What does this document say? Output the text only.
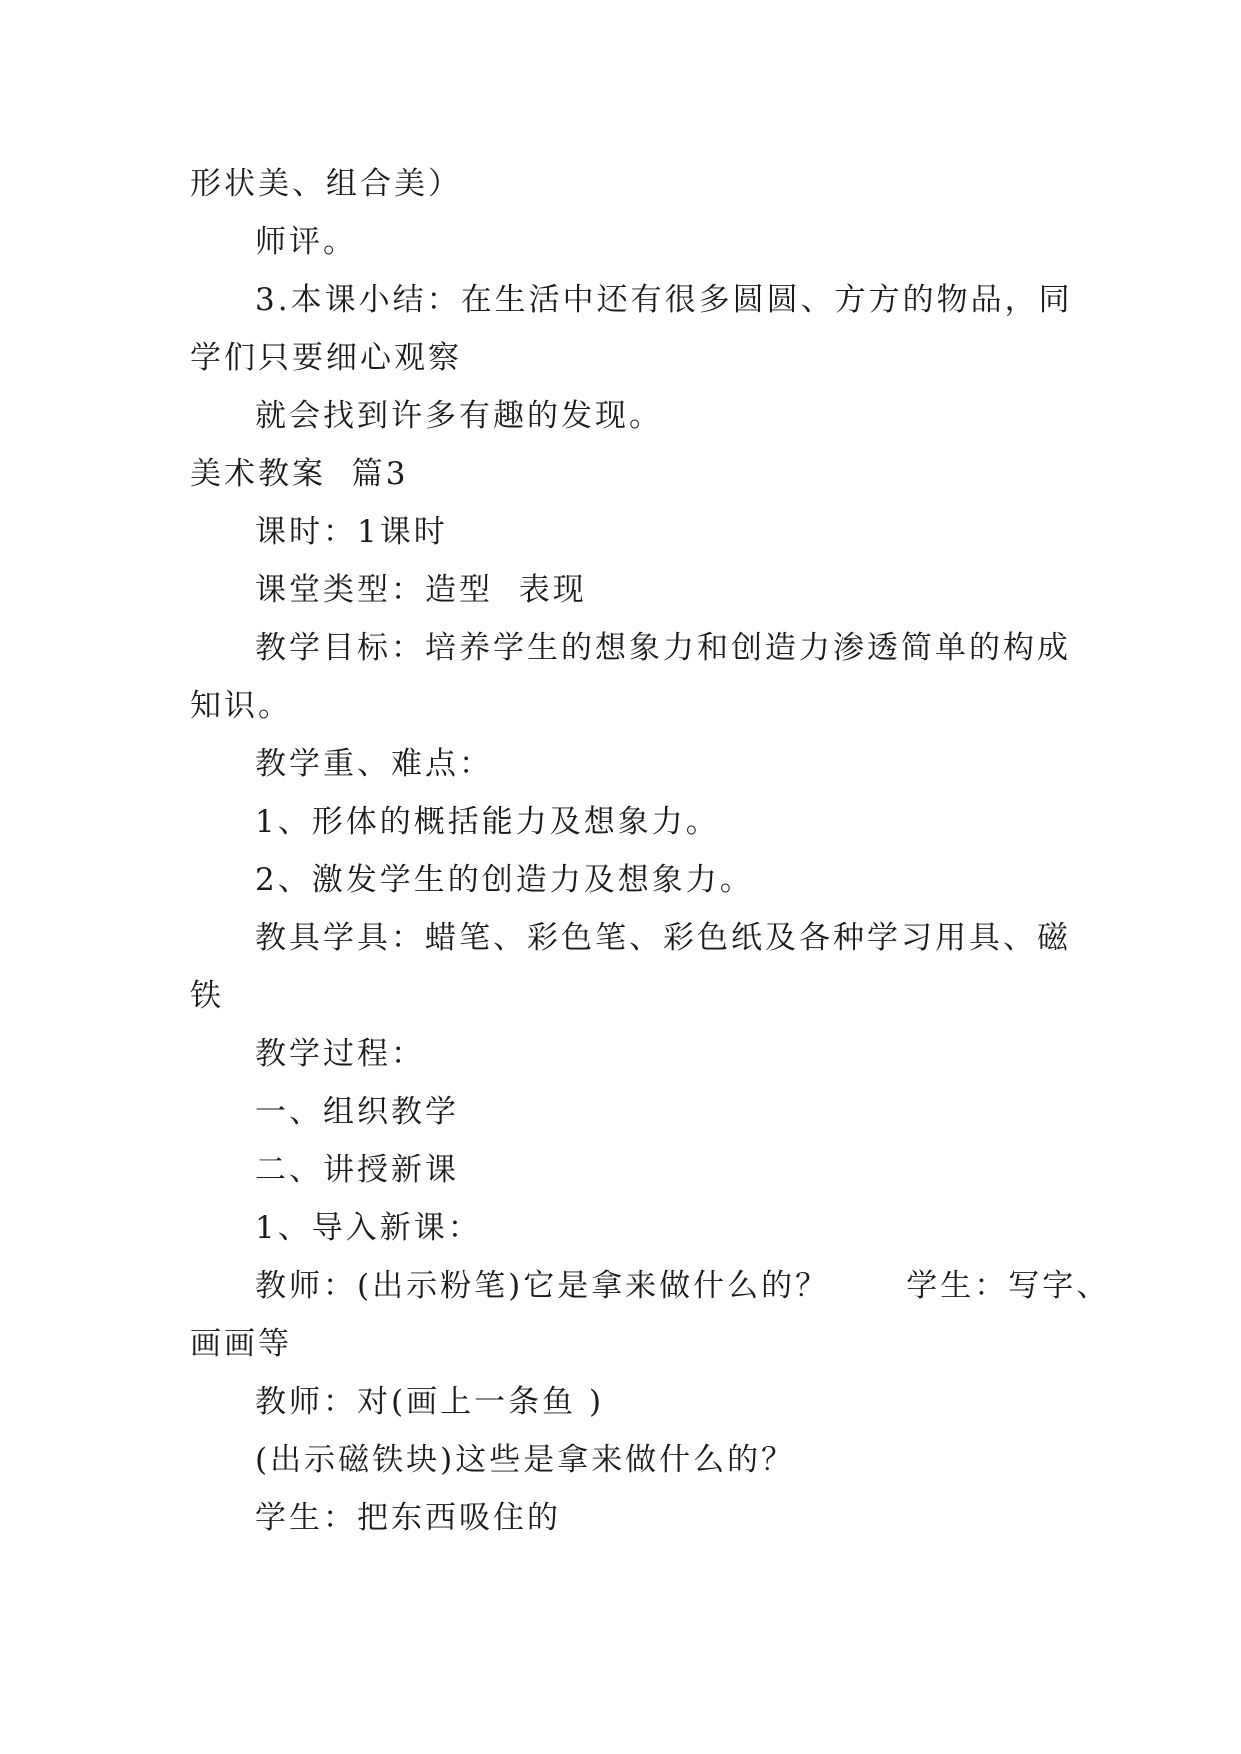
形状美、组合美）
师评。
3.本课小结：在生活中还有很多圆圆、方方的物品，同
学们只要细心观察
就会找到许多有趣的发现。
美术教案  篇3
课时：1课时
课堂类型：造型  表现
教学目标：培养学生的想象力和创造力渗透简单的构成
知识。
教学重、难点：
1、形体的概括能力及想象力。
2、激发学生的创造力及想象力。
教具学具：蜡笔、彩色笔、彩色纸及各种学习用具、磁
铁
教学过程：
一、组织教学
二、讲授新课
1、导入新课：
教师：(出示粉笔)它是拿来做什么的？      学生：写字、
画画等
教师：对(画上一条鱼 )
(出示磁铁块)这些是拿来做什么的？
学生：把东西吸住的
